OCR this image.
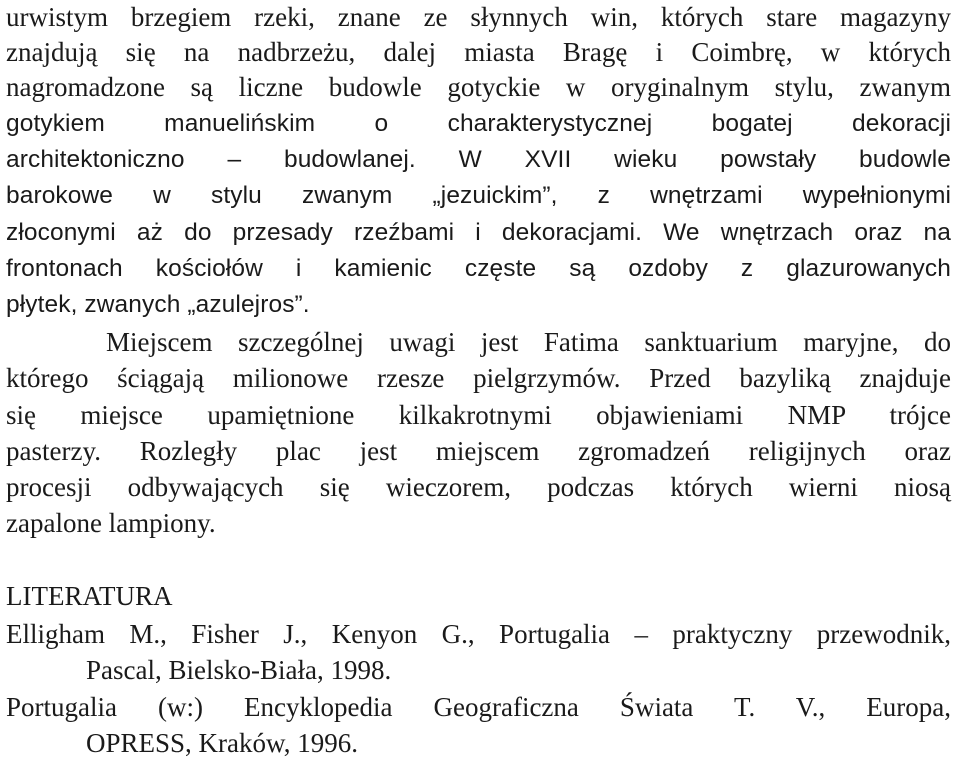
urwistym brzegiem rzeki, znane ze słynnych win, których stare magazyny
znajdują się na nadbrzeżu, dalej miasta Bragę i Coimbrę, w których
nagromadzone są liczne budowle gotyckie w oryginalnym stylu, zwanym
gotykiem manuelińskim o charakterystycznej bogatej dekoracji
architektoniczno – budowlanej. W XVII wieku powstały budowle
barokowe w stylu zwanym „jezuickim”, z wnętrzami wypełnionymi
złoconymi aż do przesady rzeźbami i dekoracjami. We wnętrzach oraz na
frontonach kościołów i kamienic częste są ozdoby z glazurowanych
płytek, zwanych „azulejros”.
Miejscem szczególnej uwagi jest Fatima sanktuarium maryjne, do
którego ściągają milionowe rzesze pielgrzymów. Przed bazyliką znajduje
się miejsce upamiętnione kilkakrotnymi objawieniami NMP trójce
pasterzy. Rozległy plac jest miejscem zgromadzeń religijnych oraz
procesji odbywających się wieczorem, podczas których wierni niosą
zapalone lampiony.
LITERATURA
Elligham M., Fisher J., Kenyon G., Portugalia – praktyczny przewodnik,
Pascal, Bielsko-Biała, 1998.
Portugalia (w:) Encyklopedia Geograficzna Świata T. V., Europa,
OPRESS, Kraków, 1996.
